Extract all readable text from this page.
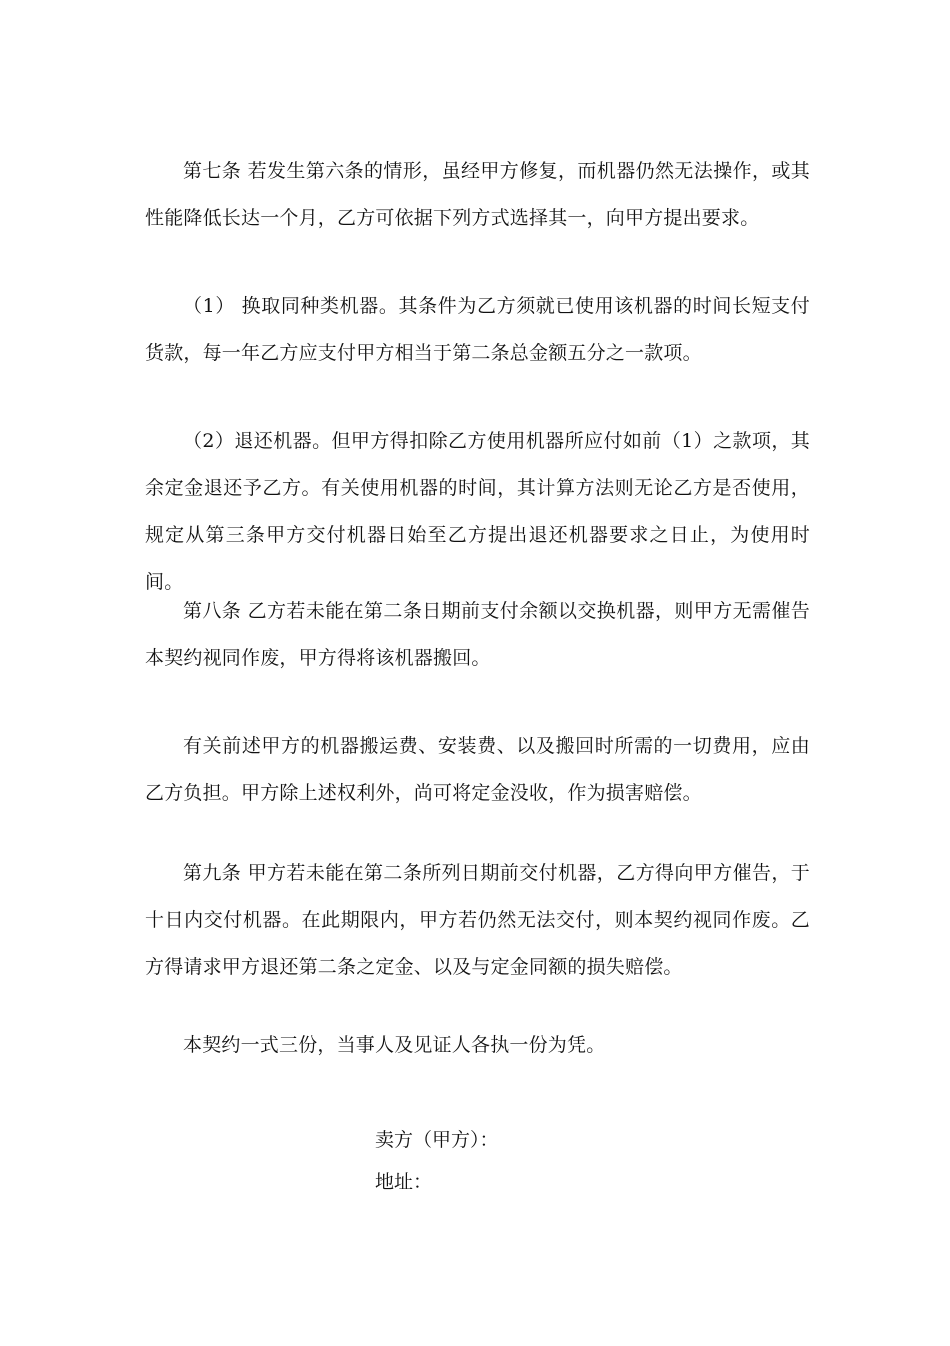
第七条 若发生第六条的情形，虽经甲方修复，而机器仍然无法操作，或其性能降低长达一个月，乙方可依据下列方式选择其一，向甲方提出要求。

（1） 换取同种类机器。其条件为乙方须就已使用该机器的时间长短支付货款，每一年乙方应支付甲方相当于第二条总金额五分之一款项。

（2）退还机器。但甲方得扣除乙方使用机器所应付如前（1）之款项，其余定金退还予乙方。有关使用机器的时间，其计算方法则无论乙方是否使用，规定从第三条甲方交付机器日始至乙方提出退还机器要求之日止，为使用时间。

第八条 乙方若未能在第二条日期前支付余额以交换机器，则甲方无需催告本契约视同作废，甲方得将该机器搬回。

有关前述甲方的机器搬运费、安装费、以及搬回时所需的一切费用，应由乙方负担。甲方除上述权利外，尚可将定金没收，作为损害赔偿。

第九条 甲方若未能在第二条所列日期前交付机器，乙方得向甲方催告，于十日内交付机器。在此期限内，甲方若仍然无法交付，则本契约视同作废。乙方得请求甲方退还第二条之定金、以及与定金同额的损失赔偿。

本契约一式三份，当事人及见证人各执一份为凭。

卖方（甲方）：

地址：
